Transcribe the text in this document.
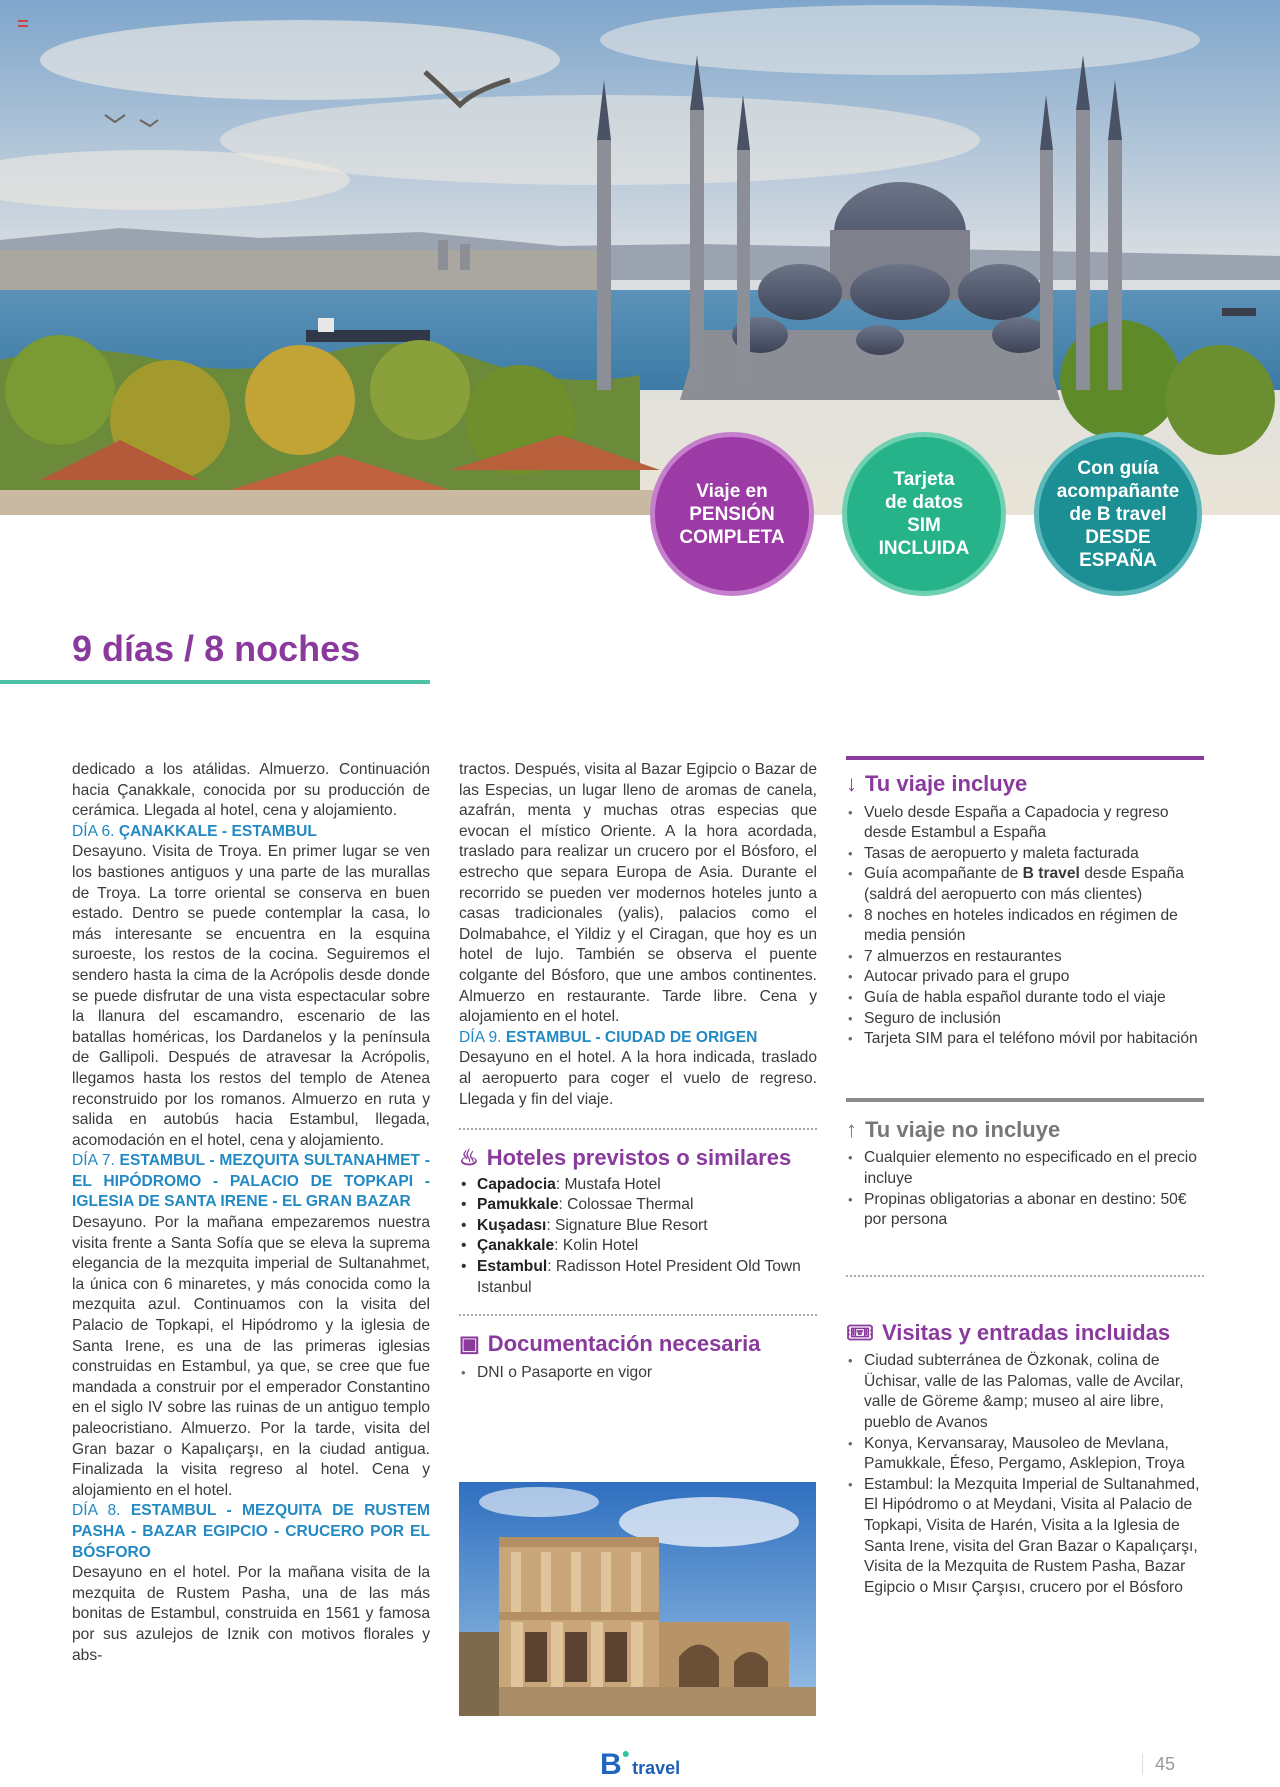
Viaje en
PENSIÓN
COMPLETA
Tarjeta
de datos
SIM
INCLUIDA
Con guía
acompañante
de B travel
DESDE
ESPAÑA
9 días / 8 noches

dedicado a los atálidas. Almuerzo. Continuación hacia Çanakkale, conocida por su producción de cerámica. Llegada al hotel, cena y alojamiento.

DÍA 6. ÇANAKKALE - ESTAMBUL

Desayuno. Visita de Troya. En primer lugar se ven los bastiones antiguos y una parte de las murallas de Troya. La torre oriental se conserva en buen estado. Dentro se puede contemplar la casa, lo más interesante se encuentra en la esquina suroeste, los restos de la cocina. Seguiremos el sendero hasta la cima de la Acrópolis desde donde se puede disfrutar de una vista espectacular sobre la llanura del escamandro, escenario de las batallas homéricas, los Dardanelos y la península de Gallipoli. Después de atravesar la Acrópolis, llegamos hasta los restos del templo de Atenea reconstruido por los romanos. Almuerzo en ruta y salida en autobús hacia Estambul, llegada, acomodación en el hotel, cena y alojamiento.

DÍA 7. ESTAMBUL - MEZQUITA SULTANAHMET - EL HIPÓDROMO - PALACIO DE TOPKAPI - IGLESIA DE SANTA IRENE - EL GRAN BAZAR

Desayuno. Por la mañana empezaremos nuestra visita frente a Santa Sofía que se eleva la suprema elegancia de la mezquita imperial de Sultanahmet, la única con 6 minaretes, y más conocida como la mezquita azul. Continuamos con la visita del Palacio de Topkapi, el Hipódromo y la iglesia de Santa Irene, es una de las primeras iglesias construidas en Estambul, ya que, se cree que fue mandada a construir por el emperador Constantino en el siglo IV sobre las ruinas de un antiguo templo paleocristiano. Almuerzo. Por la tarde, visita del Gran bazar o Kapalıçarşı, en la ciudad antigua. Finalizada la visita regreso al hotel. Cena y alojamiento en el hotel.

DÍA 8. ESTAMBUL - MEZQUITA DE RUSTEM PASHA - BAZAR EGIPCIO - CRUCERO POR EL BÓSFORO

Desayuno en el hotel. Por la mañana visita de la mezquita de Rustem Pasha, una de las más bonitas de Estambul, construida en 1561 y famosa por sus azulejos de Iznik con motivos florales y abs-

tractos. Después, visita al Bazar Egipcio o Bazar de las Especias, un lugar lleno de aromas de canela, azafrán, menta y muchas otras especias que evocan el místico Oriente. A la hora acordada, traslado para realizar un crucero por el Bósforo, el estrecho que separa Europa de Asia. Durante el recorrido se pueden ver modernos hoteles junto a casas tradicionales (yalis), palacios como el Dolmabahce, el Yildiz y el Ciragan, que hoy es un hotel de lujo. También se observa el puente colgante del Bósforo, que une ambos continentes. Almuerzo en restaurante. Tarde libre. Cena y alojamiento en el hotel.

DÍA 9. ESTAMBUL - CIUDAD DE ORIGEN

Desayuno en el hotel. A la hora indicada, traslado al aeropuerto para coger el vuelo de regreso. Llegada y fin del viaje.

♨ Hoteles previstos o similares
• Capadocia: Mustafa Hotel
• Pamukkale: Colossae Thermal
• Kuşadası: Signature Blue Resort
• Çanakkale: Kolin Hotel
• Estambul: Radisson Hotel President Old Town Istanbul
▣ Documentación necesaria
• DNI o Pasaporte en vigor
↓ Tu viaje incluye
• Vuelo desde España a Capadocia y regreso desde Estambul a España
• Tasas de aeropuerto y maleta facturada
• Guía acompañante de B travel desde España (saldrá del aeropuerto con más clientes)
• 8 noches en hoteles indicados en régimen de media pensión
• 7 almuerzos en restaurantes
• Autocar privado para el grupo
• Guía de habla español durante todo el viaje
• Seguro de inclusión
• Tarjeta SIM para el teléfono móvil por habitación
↑ Tu viaje no incluye
• Cualquier elemento no especificado en el precio incluye
• Propinas obligatorias a abonar en destino: 50€ por persona
🎟 Visitas y entradas incluidas
• Ciudad subterránea de Özkonak, colina de Üchisar, valle de las Palomas, valle de Avcilar, valle de Göreme &amp; museo al aire libre, pueblo de Avanos
• Konya, Kervansaray, Mausoleo de Mevlana, Pamukkale, Éfeso, Pergamo, Asklepion, Troya
• Estambul: la Mezquita Imperial de Sultanahmed, El Hipódromo o at Meydani, Visita al Palacio de Topkapi, Visita de Harén, Visita a la Iglesia de Santa Irene, visita del Gran Bazar o Kapalıçarşı, Visita de la Mezquita de Rustem Pasha, Bazar Egipcio o Mısır Çarşısı, crucero por el Bósforo
B ●
travel	45
